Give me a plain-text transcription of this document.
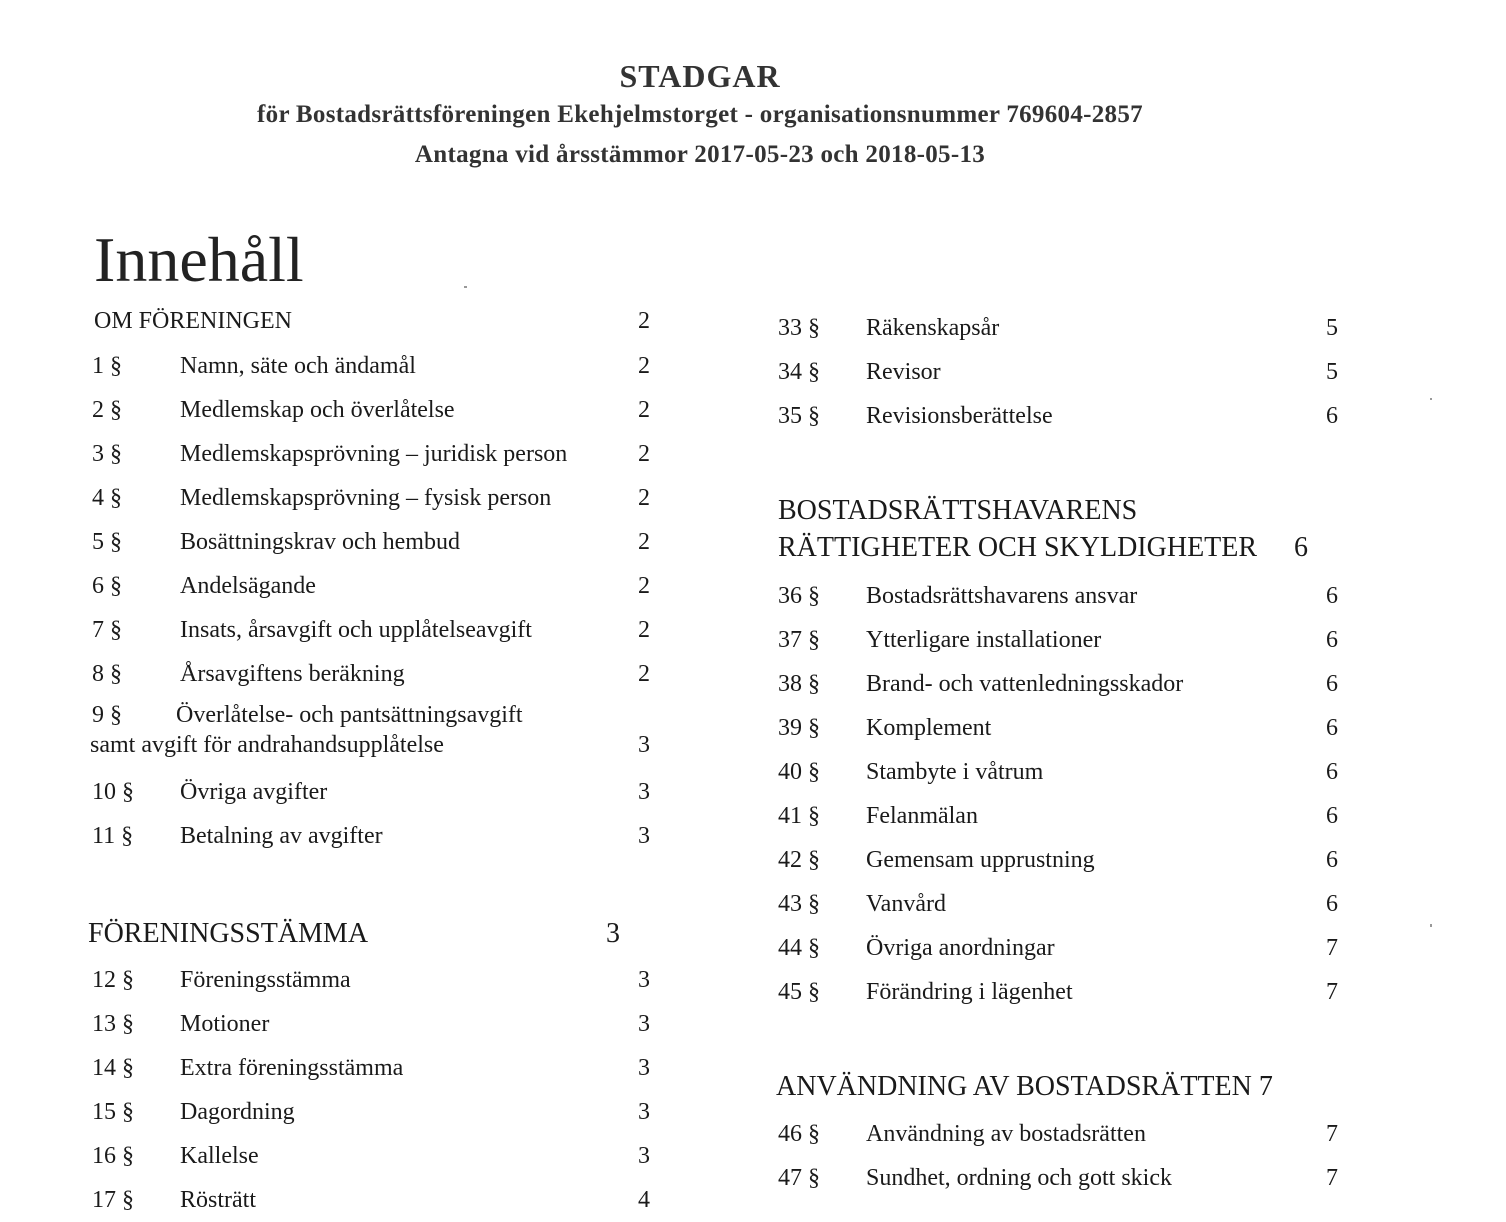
STADGAR
för Bostadsrättsföreningen Ekehjelmstorget - organisationsnummer 769604-2857
Antagna vid årsstämmor 2017-05-23 och 2018-05-13
Innehåll
OM FÖRENINGEN	2
1 § Namn, säte och ändamål	2
2 § Medlemskap och överlåtelse	2
3 § Medlemskapsprövning – juridisk person	2
4 § Medlemskapsprövning – fysisk person	2
5 § Bosättningskrav och hembud	2
6 § Andelsägande	2
7 § Insats, årsavgift och upplåtelseavgift	2
8 § Årsavgiftens beräkning	2
9 § Överlåtelse- och pantsättningsavgift
samt avgift för andrahandsupplåtelse	3
10 § Övriga avgifter	3
11 § Betalning av avgifter	3
FÖRENINGSSTÄMMA	3
12 § Föreningsstämma	3
13 § Motioner	3
14 § Extra föreningsstämma	3
15 § Dagordning	3
16 § Kallelse	3
17 § Rösträtt	4
33 § Räkenskapsår	5
34 § Revisor	5
35 § Revisionsberättelse	6
BOSTADSRÄTTSHAVARENS
RÄTTIGHETER OCH SKYLDIGHETER 6
36 § Bostadsrättshavarens ansvar	6
37 § Ytterligare installationer	6
38 § Brand- och vattenledningsskador	6
39 § Komplement	6
40 § Stambyte i våtrum	6
41 § Felanmälan	6
42 § Gemensam upprustning	6
43 § Vanvård	6
44 § Övriga anordningar	7
45 § Förändring i lägenhet	7
ANVÄNDNING AV BOSTADSRÄTTEN 7
46 § Användning av bostadsrätten	7
47 § Sundhet, ordning och gott skick	7
